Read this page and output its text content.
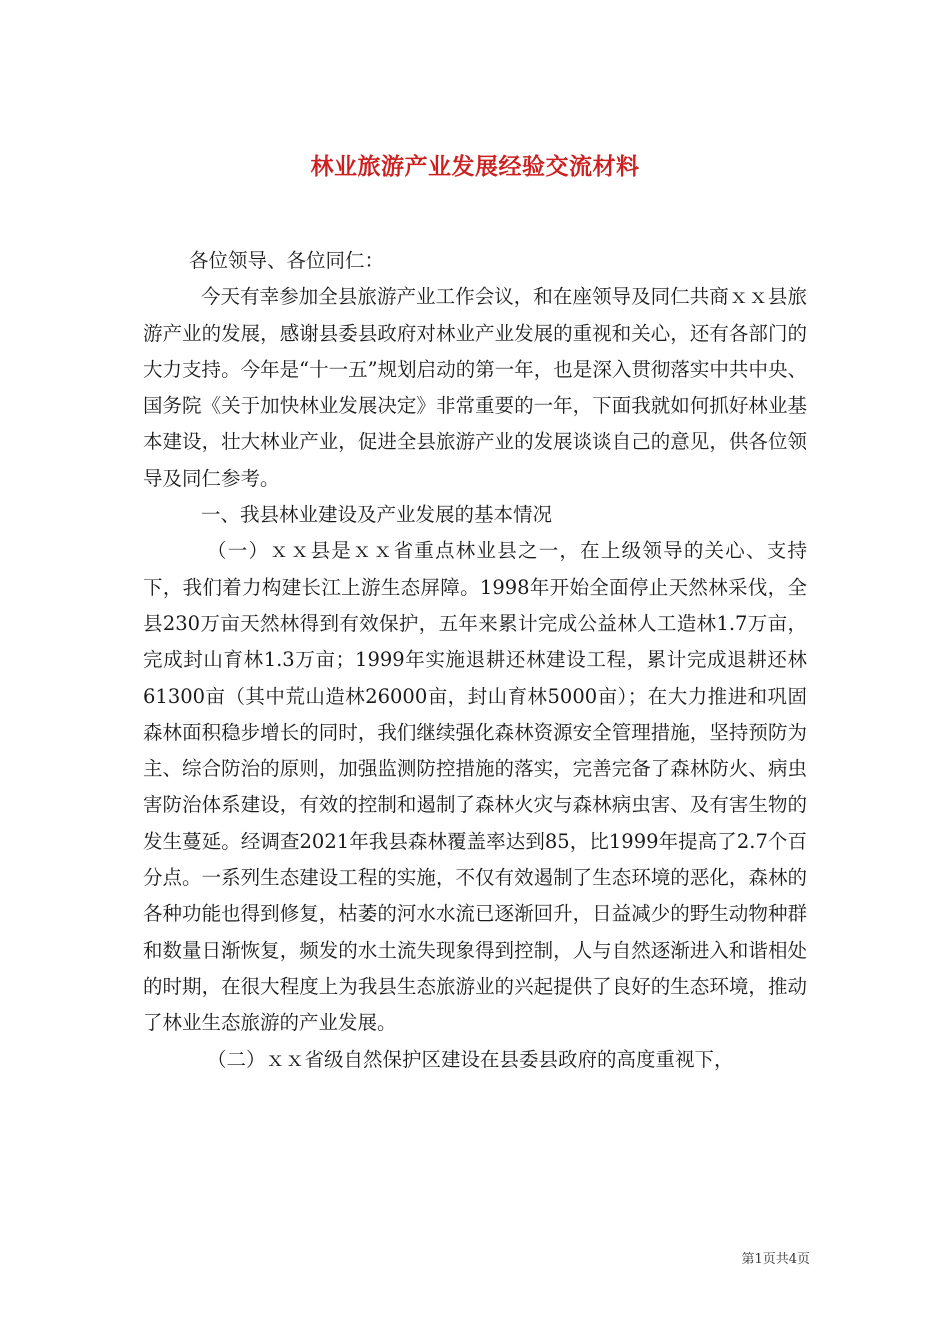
林业旅游产业发展经验交流材料

各位领导、各位同仁：

今天有幸参加全县旅游产业工作会议，和在座领导及同仁共商ｘｘ县旅游产业的发展，感谢县委县政府对林业产业发展的重视和关心，还有各部门的大力支持。今年是“十一五”规划启动的第一年，也是深入贯彻落实中共中央、国务院《关于加快林业发展决定》非常重要的一年，下面我就如何抓好林业基本建设，壮大林业产业，促进全县旅游产业的发展谈谈自己的意见，供各位领导及同仁参考。

一、我县林业建设及产业发展的基本情况

（一）ｘｘ县是ｘｘ省重点林业县之一，在上级领导的关心、支持下，我们着力构建长江上游生态屏障。1998年开始全面停止天然林采伐，全县230万亩天然林得到有效保护，五年来累计完成公益林人工造林1.7万亩，完成封山育林1.3万亩；1999年实施退耕还林建设工程，累计完成退耕还林61300亩（其中荒山造林26000亩，封山育林5000亩）；在大力推进和巩固森林面积稳步增长的同时，我们继续强化森林资源安全管理措施，坚持预防为主、综合防治的原则，加强监测防控措施的落实，完善完备了森林防火、病虫害防治体系建设，有效的控制和遏制了森林火灾与森林病虫害、及有害生物的发生蔓延。经调查2021年我县森林覆盖率达到85，比1999年提高了2.7个百分点。一系列生态建设工程的实施，不仅有效遏制了生态环境的恶化，森林的各种功能也得到修复，枯萎的河水水流已逐渐回升，日益减少的野生动物种群和数量日渐恢复，频发的水土流失现象得到控制，人与自然逐渐进入和谐相处的时期，在很大程度上为我县生态旅游业的兴起提供了良好的生态环境，推动了林业生态旅游的产业发展。

（二）ｘｘ省级自然保护区建设在县委县政府的高度重视下，

第1页共4页
